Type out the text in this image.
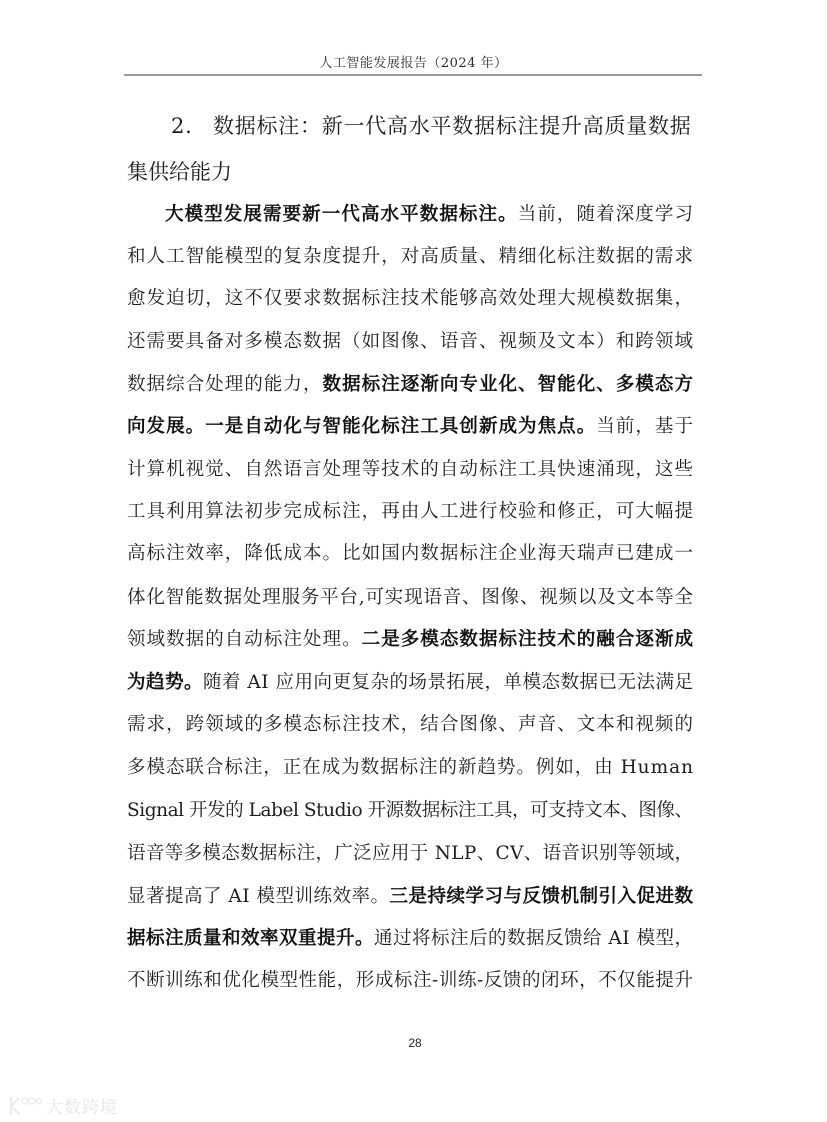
人工智能发展报告（2024 年）
2. 数据标注：新一代高水平数据标注提升高质量数据
集供给能力
大模型发展需要新一代高水平数据标注。当前，随着深度学习
和人工智能模型的复杂度提升，对高质量、精细化标注数据的需求
愈发迫切，这不仅要求数据标注技术能够高效处理大规模数据集，
还需要具备对多模态数据（如图像、语音、视频及文本）和跨领域
数据综合处理的能力，数据标注逐渐向专业化、智能化、多模态方
向发展。一是自动化与智能化标注工具创新成为焦点。当前，基于
计算机视觉、自然语言处理等技术的自动标注工具快速涌现，这些
工具利用算法初步完成标注，再由人工进行校验和修正，可大幅提
高标注效率，降低成本。比如国内数据标注企业海天瑞声已建成一
体化智能数据处理服务平台,可实现语音、图像、视频以及文本等全
领域数据的自动标注处理。二是多模态数据标注技术的融合逐渐成
为趋势。随着 AI 应用向更复杂的场景拓展，单模态数据已无法满足
需求，跨领域的多模态标注技术，结合图像、声音、文本和视频的
多模态联合标注，正在成为数据标注的新趋势。例如，由 Human
Signal 开发的 Label Studio 开源数据标注工具，可支持文本、图像、
语音等多模态数据标注，广泛应用于 NLP、CV、语音识别等领域，
显著提高了 AI 模型训练效率。三是持续学习与反馈机制引入促进数
据标注质量和效率双重提升。通过将标注后的数据反馈给 AI 模型，
不断训练和优化模型性能，形成标注-训练-反馈的闭环，不仅能提升
28
大数跨境
